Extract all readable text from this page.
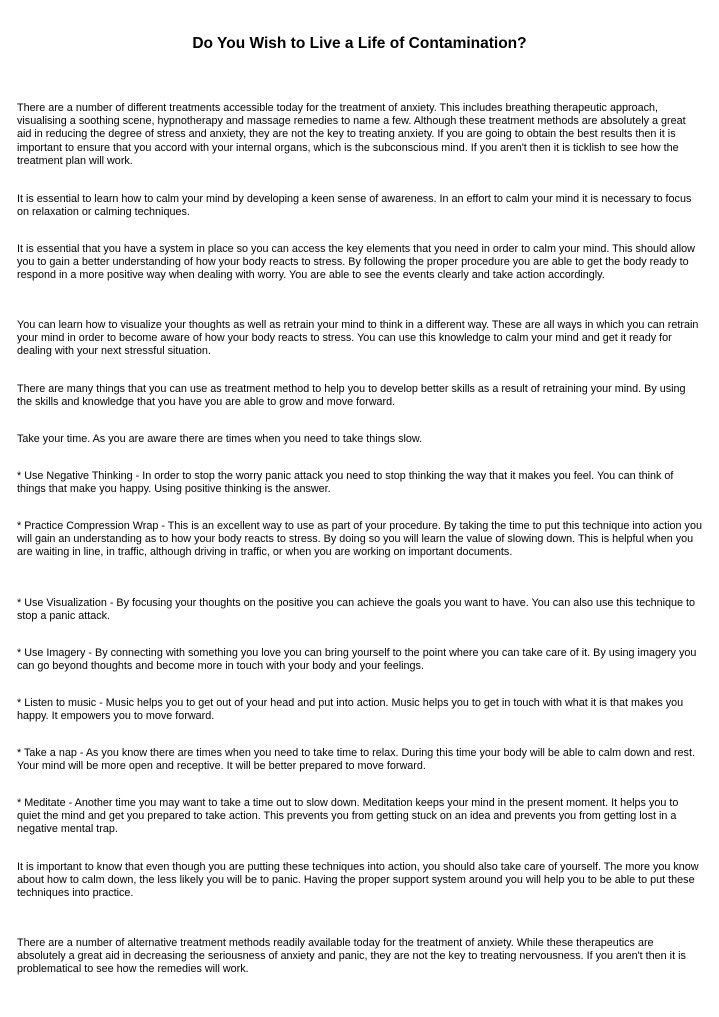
Do You Wish to Live a Life of Contamination?

There are a number of different treatments accessible today for the treatment of anxiety. This includes breathing therapeutic approach, visualising a soothing scene, hypnotherapy and massage remedies to name a few. Although these treatment methods are absolutely a great aid in reducing the degree of stress and anxiety, they are not the key to treating anxiety. If you are going to obtain the best results then it is important to ensure that you accord with your internal organs, which is the subconscious mind. If you aren't then it is ticklish to see how the treatment plan will work.

It is essential to learn how to calm your mind by developing a keen sense of awareness. In an effort to calm your mind it is necessary to focus on relaxation or calming techniques.

It is essential that you have a system in place so you can access the key elements that you need in order to calm your mind. This should allow you to gain a better understanding of how your body reacts to stress. By following the proper procedure you are able to get the body ready to respond in a more positive way when dealing with worry. You are able to see the events clearly and take action accordingly.

You can learn how to visualize your thoughts as well as retrain your mind to think in a different way. These are all ways in which you can retrain your mind in order to become aware of how your body reacts to stress. You can use this knowledge to calm your mind and get it ready for dealing with your next stressful situation.

There are many things that you can use as treatment method to help you to develop better skills as a result of retraining your mind. By using the skills and knowledge that you have you are able to grow and move forward.

Take your time. As you are aware there are times when you need to take things slow.

* Use Negative Thinking - In order to stop the worry panic attack you need to stop thinking the way that it makes you feel. You can think of things that make you happy. Using positive thinking is the answer.

* Practice Compression Wrap - This is an excellent way to use as part of your procedure. By taking the time to put this technique into action you will gain an understanding as to how your body reacts to stress. By doing so you will learn the value of slowing down. This is helpful when you are waiting in line, in traffic, although driving in traffic, or when you are working on important documents.

* Use Visualization - By focusing your thoughts on the positive you can achieve the goals you want to have. You can also use this technique to stop a panic attack.

* Use Imagery - By connecting with something you love you can bring yourself to the point where you can take care of it. By using imagery you can go beyond thoughts and become more in touch with your body and your feelings.

* Listen to music - Music helps you to get out of your head and put into action. Music helps you to get in touch with what it is that makes you happy. It empowers you to move forward.

* Take a nap - As you know there are times when you need to take time to relax. During this time your body will be able to calm down and rest. Your mind will be more open and receptive. It will be better prepared to move forward.

* Meditate - Another time you may want to take a time out to slow down. Meditation keeps your mind in the present moment. It helps you to quiet the mind and get you prepared to take action. This prevents you from getting stuck on an idea and prevents you from getting lost in a negative mental trap.

It is important to know that even though you are putting these techniques into action, you should also take care of yourself. The more you know about how to calm down, the less likely you will be to panic. Having the proper support system around you will help you to be able to put these techniques into practice.

There are a number of alternative treatment methods readily available today for the treatment of anxiety. While these therapeutics are absolutely a great aid in decreasing the seriousness of anxiety and panic, they are not the key to treating nervousness. If you aren't then it is problematical to see how the remedies will work.
